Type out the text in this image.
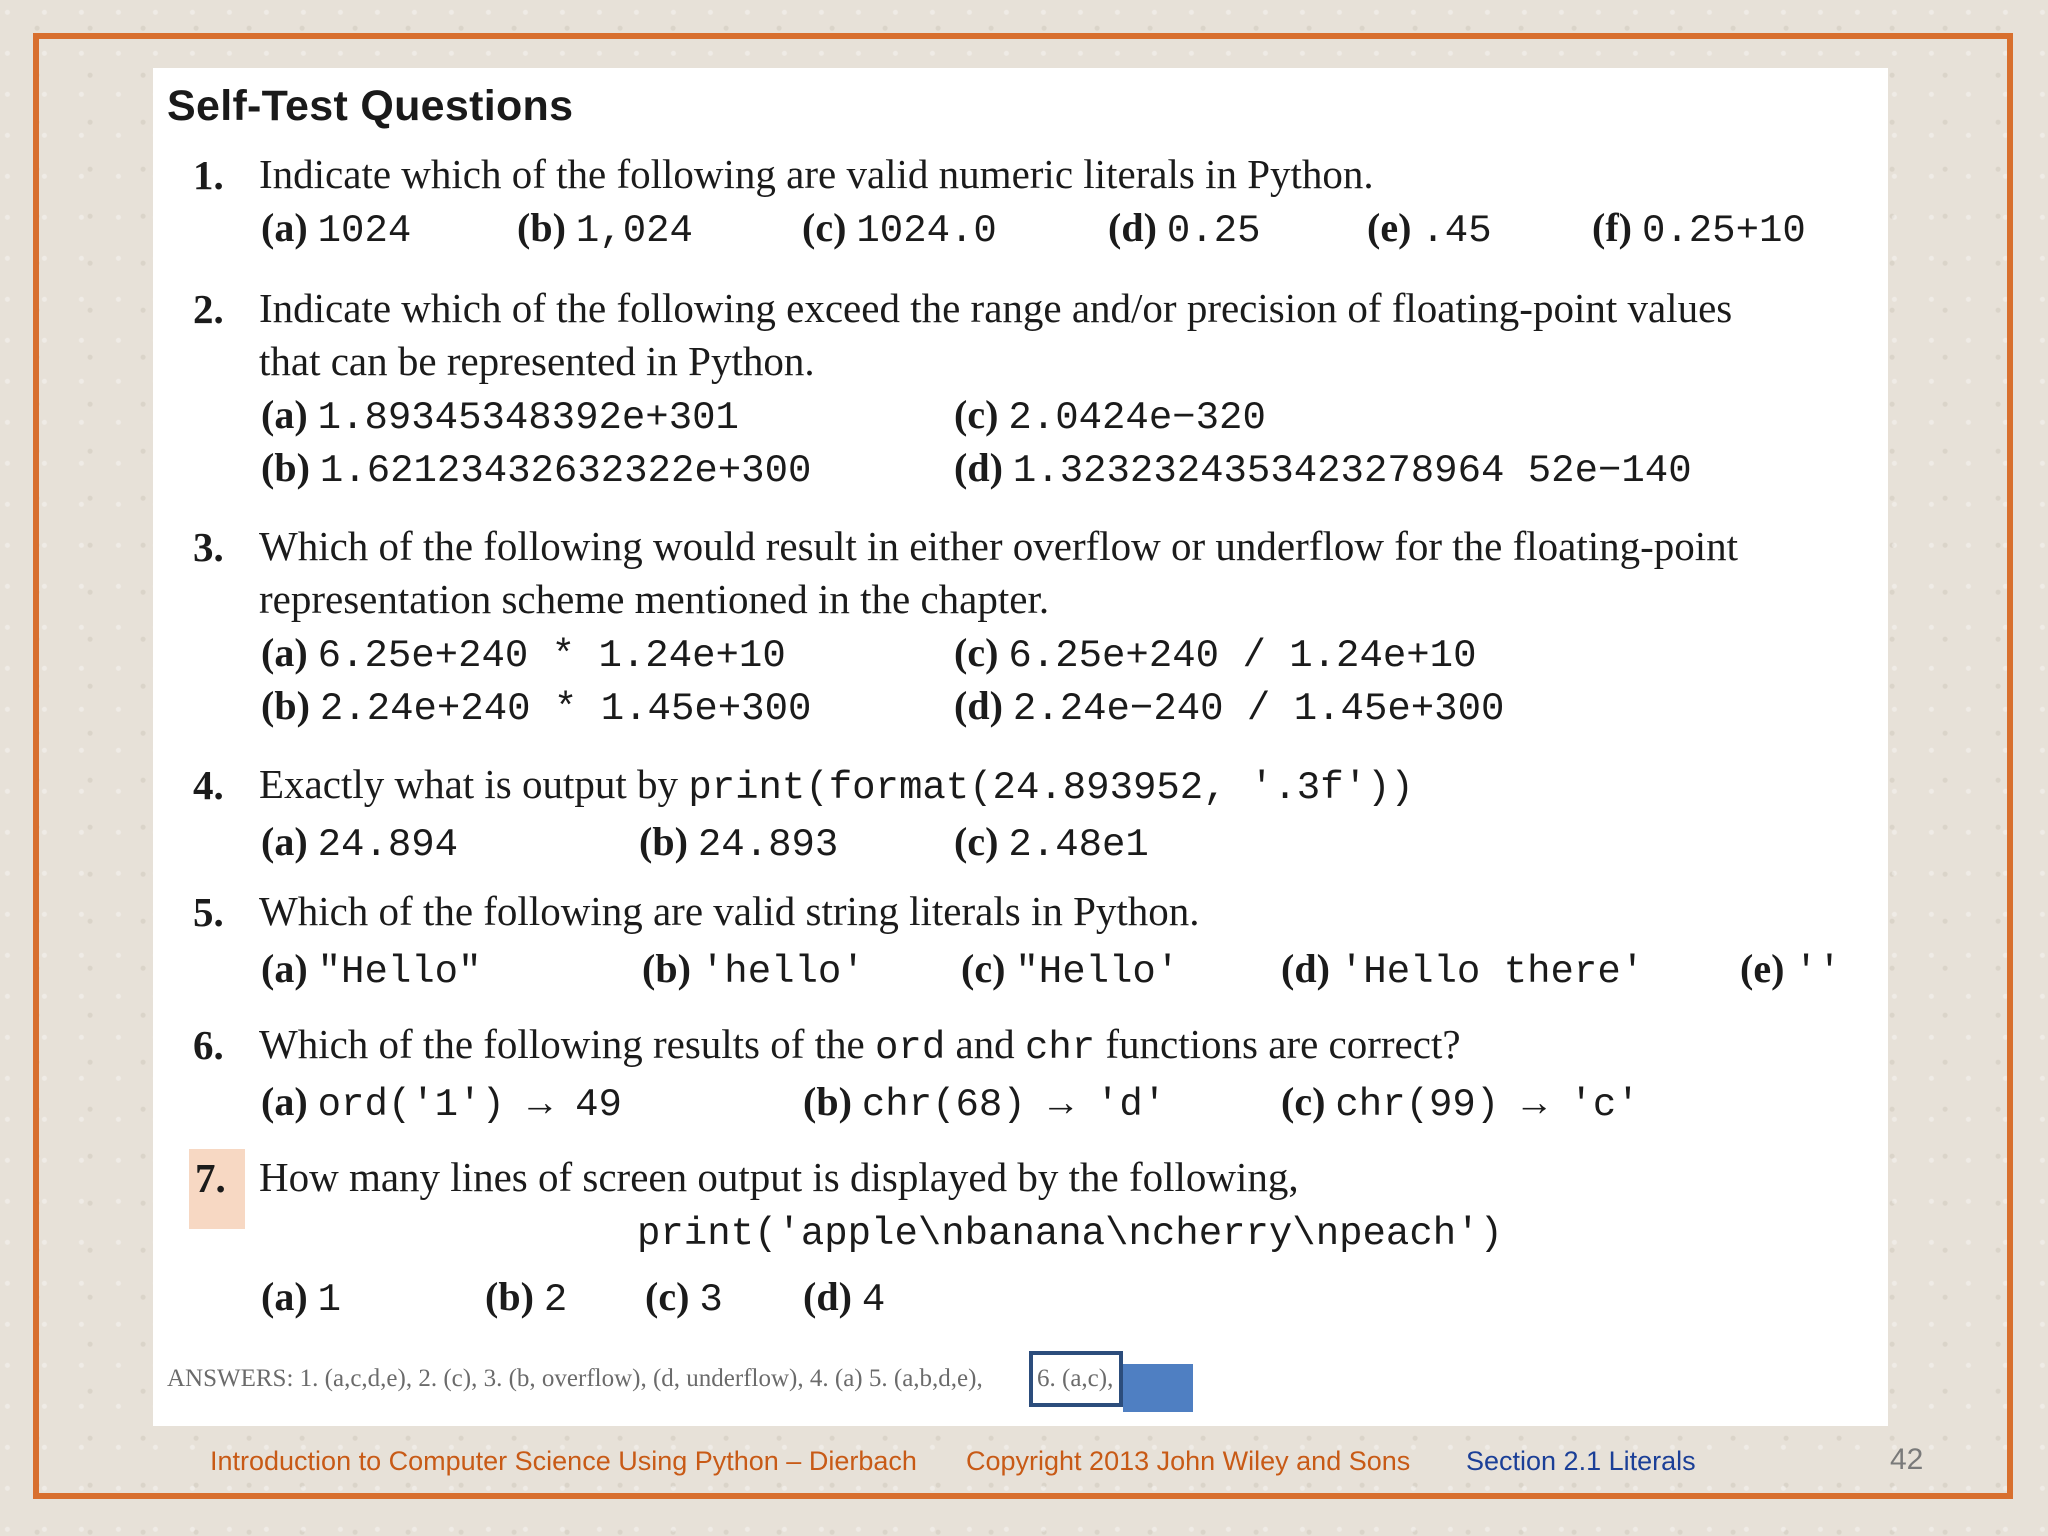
Self-Test Questions
1. Indicate which of the following are valid numeric literals in Python.
(a) 1024	(b) 1,024	(c) 1024.0	(d) 0.25	(e) .45	(f) 0.25+10
2. Indicate which of the following exceed the range and/or precision of floating-point values
that can be represented in Python.
(a) 1.89345348392e+301	(c) 2.0424e−320
(b) 1.62123432632322e+300	(d) 1.3232324353423278964 52e−140
3. Which of the following would result in either overflow or underflow for the floating-point
representation scheme mentioned in the chapter.
(a) 6.25e+240 * 1.24e+10	(c) 6.25e+240 / 1.24e+10
(b) 2.24e+240 * 1.45e+300	(d) 2.24e−240 / 1.45e+300
4. Exactly what is output by print(format(24.893952, '.3f'))
(a) 24.894	(b) 24.893	(c) 2.48e1
5. Which of the following are valid string literals in Python.
(a) "Hello"	(b) 'hello' (c) "Hello'	(d) 'Hello there' (e) ''
6. Which of the following results of the ord and chr functions are correct?
(a) ord('1') → 49	(b) chr(68) → 'd'	(c) chr(99) → 'c'
7. How many lines of screen output is displayed by the following,
print('apple\nbanana\ncherry\npeach')
(a) 1	(b) 2 (c) 3 (d) 4
ANSWERS: 1. (a,c,d,e), 2. (c), 3. (b, overflow), (d, underflow), 4. (a) 5. (a,b,d,e), 6. (a,c),
Introduction to Computer Science Using Python – Dierbach Copyright 2013 John Wiley and Sons Section 2.1 Literals	42
